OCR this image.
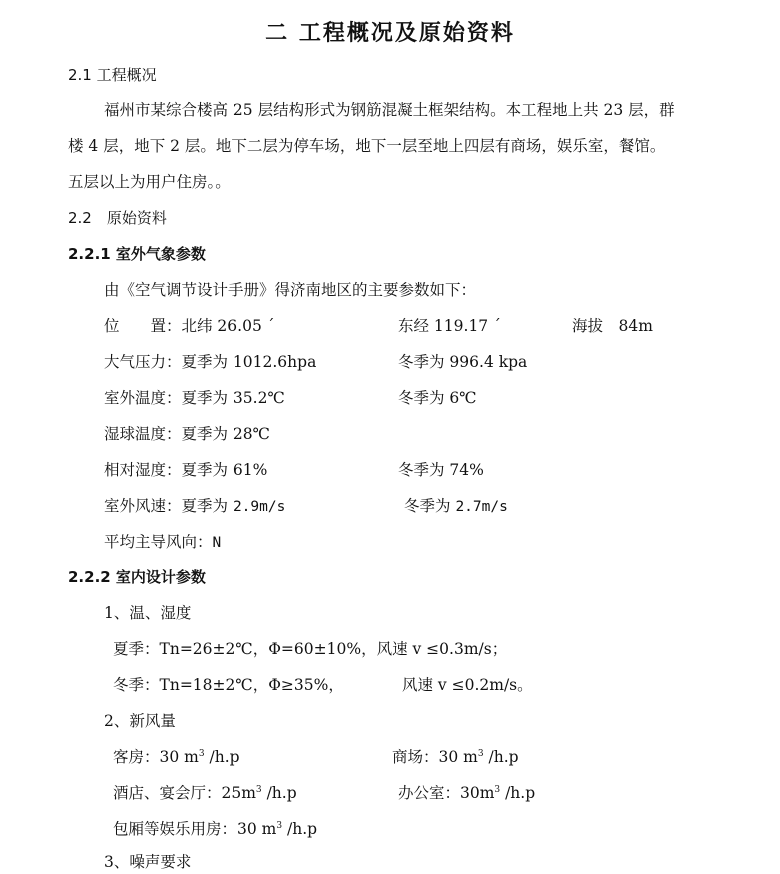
二 工程概况及原始资料
2.1 工程概况
福州市某综合楼高 25 层结构形式为钢筋混凝土框架结构。本工程地上共 23 层，群
楼 4 层，地下 2 层。地下二层为停车场，地下一层至地上四层有商场，娱乐室，餐馆。
五层以上为用户住房。。
2.2　原始资料
2.2.1 室外气象参数
由《空气调节设计手册》得济南地区的主要参数如下：
位　　置：北纬 26.05 ´	东经 119.17 ´	海拔　84m
大气压力：夏季为 1012.6hpa	冬季为 996.4 kpa
室外温度：夏季为 35.2℃	冬季为 6℃
湿球温度：夏季为 28℃
相对湿度：夏季为 61%	冬季为 74%
室外风速：夏季为 2.9m/s	冬季为 2.7m/s
平均主导风向：N
2.2.2 室内设计参数
1、温、湿度
夏季：Tn=26±2℃，Φ=60±10%，风速 v ≤0.3m/s；
冬季：Tn=18±2℃，Φ≥35%，	风速 v ≤0.2m/s。
2、新风量
客房：30 $m^3$ /h.p	商场：30 $m^3$ /h.p
酒店、宴会厅：$25m^3$ /h.p	办公室：$30m^3$ /h.p
包厢等娱乐用房：30 $m^3$ /h.p
3、噪声要求
